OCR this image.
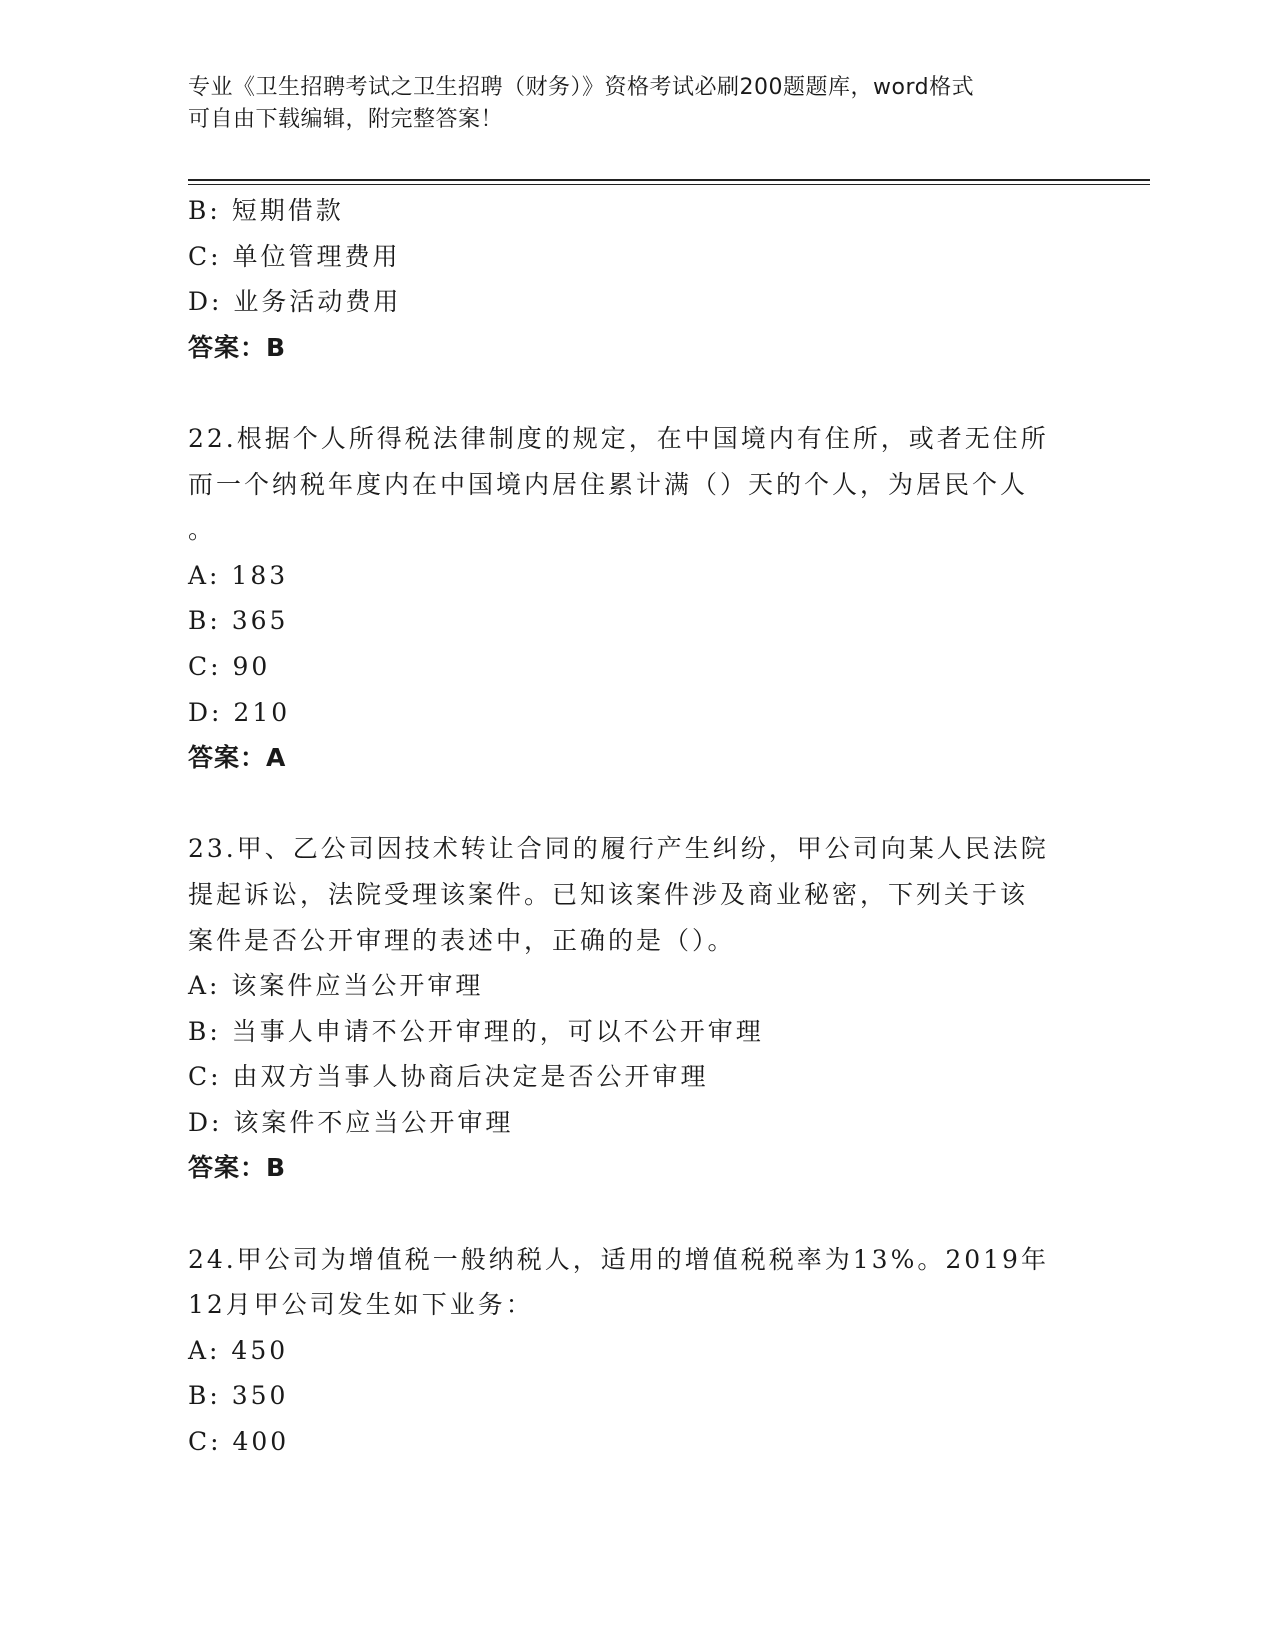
专业《卫生招聘考试之卫生招聘（财务）》资格考试必刷200题题库，word格式
可自由下载编辑，附完整答案！
B: 短期借款
C: 单位管理费用
D: 业务活动费用
答案：B
22.根据个人所得税法律制度的规定，在中国境内有住所，或者无住所
而一个纳税年度内在中国境内居住累计满（）天的个人，为居民个人
。
A: 183
B: 365
C: 90
D: 210
答案：A
23.甲、乙公司因技术转让合同的履行产生纠纷，甲公司向某人民法院
提起诉讼，法院受理该案件。已知该案件涉及商业秘密，下列关于该
案件是否公开审理的表述中，正确的是（）。
A: 该案件应当公开审理
B: 当事人申请不公开审理的，可以不公开审理
C: 由双方当事人协商后决定是否公开审理
D: 该案件不应当公开审理
答案：B
24.甲公司为增值税一般纳税人，适用的增值税税率为13%。2019年
12月甲公司发生如下业务：
A: 450
B: 350
C: 400
